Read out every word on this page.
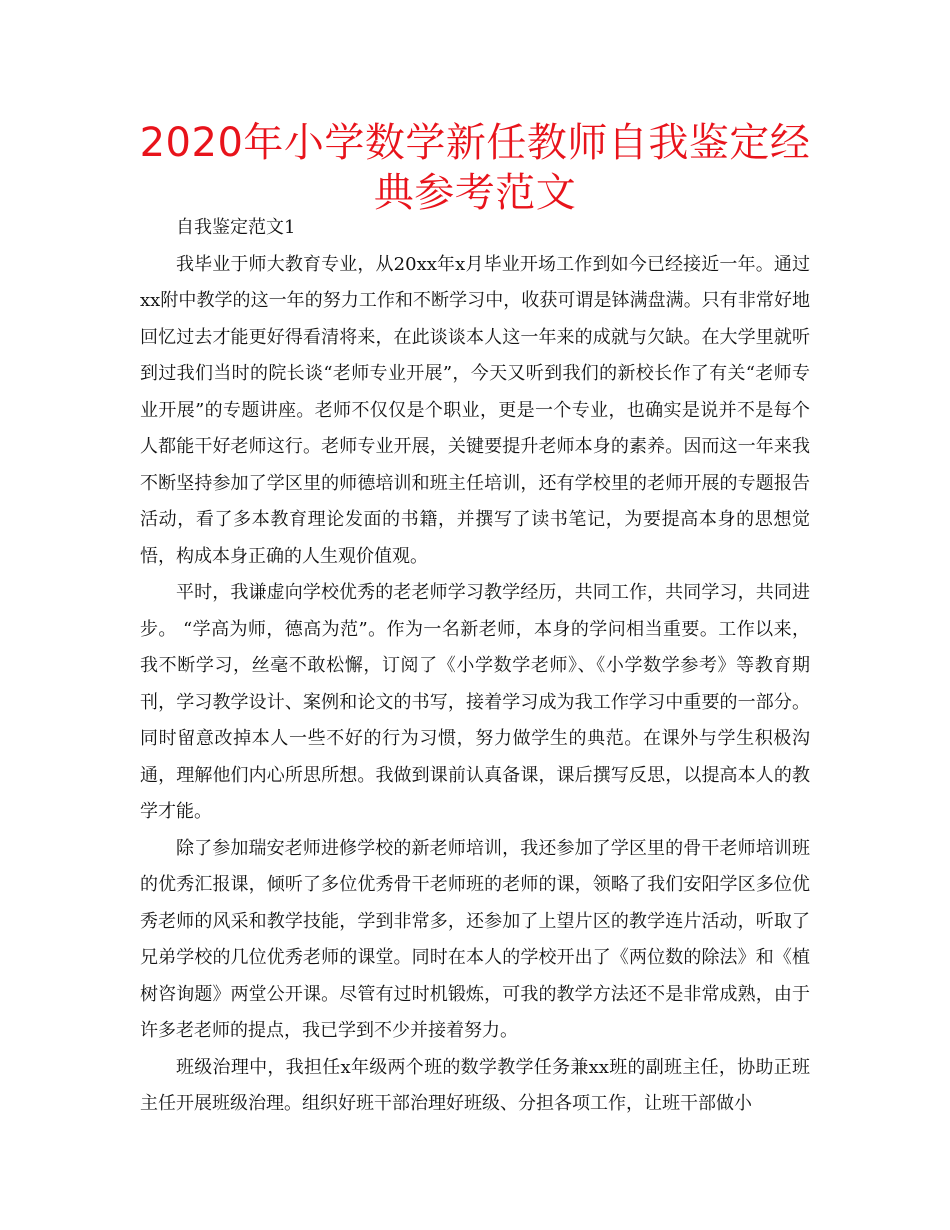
2020年小学数学新任教师自我鉴定经典参考范文

自我鉴定范文1

我毕业于师大教育专业，从20xx年x月毕业开场工作到如今已经接近一年。通过xx附中教学的这一年的努力工作和不断学习中，收获可谓是钵满盘满。只有非常好地回忆过去才能更好得看清将来，在此谈谈本人这一年来的成就与欠缺。在大学里就听到过我们当时的院长谈“老师专业开展”，今天又听到我们的新校长作了有关“老师专业开展”的专题讲座。老师不仅仅是个职业，更是一个专业，也确实是说并不是每个人都能干好老师这行。老师专业开展，关键要提升老师本身的素养。因而这一年来我不断坚持参加了学区里的师德培训和班主任培训，还有学校里的老师开展的专题报告活动，看了多本教育理论发面的书籍，并撰写了读书笔记，为要提高本身的思想觉悟，构成本身正确的人生观价值观。

平时，我谦虚向学校优秀的老老师学习教学经历，共同工作，共同学习，共同进步。 “学高为师，德高为范”。作为一名新老师，本身的学问相当重要。工作以来，我不断学习，丝毫不敢松懈，订阅了《小学数学老师》、《小学数学参考》等教育期刊，学习教学设计、案例和论文的书写，接着学习成为我工作学习中重要的一部分。同时留意改掉本人一些不好的行为习惯，努力做学生的典范。在课外与学生积极沟通，理解他们内心所思所想。我做到课前认真备课，课后撰写反思，以提高本人的教学才能。

除了参加瑞安老师进修学校的新老师培训，我还参加了学区里的骨干老师培训班的优秀汇报课，倾听了多位优秀骨干老师班的老师的课，领略了我们安阳学区多位优秀老师的风采和教学技能，学到非常多，还参加了上望片区的教学连片活动，听取了兄弟学校的几位优秀老师的课堂。同时在本人的学校开出了《两位数的除法》和《植树咨询题》两堂公开课。尽管有过时机锻炼，可我的教学方法还不是非常成熟，由于许多老老师的提点，我已学到不少并接着努力。

班级治理中，我担任x年级两个班的数学教学任务兼xx班的副班主任，协助正班主任开展班级治理。组织好班干部治理好班级、分担各项工作，让班干部做小
